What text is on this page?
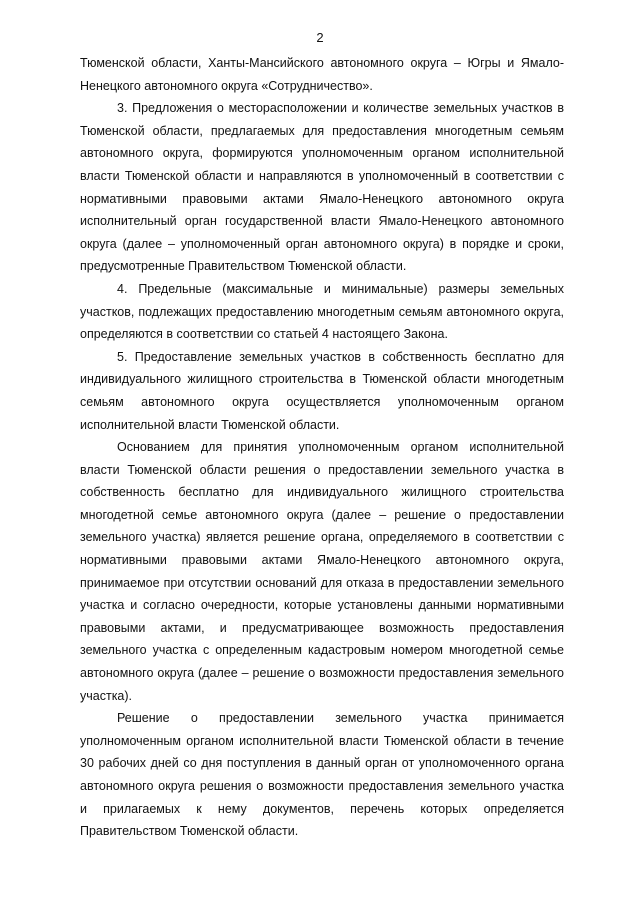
2

Тюменской области, Ханты-Мансийского автономного округа – Югры и Ямало-Ненецкого автономного округа «Сотрудничество».

3. Предложения о месторасположении и количестве земельных участков в Тюменской области, предлагаемых для предоставления многодетным семьям автономного округа, формируются уполномоченным органом исполнительной власти Тюменской области и направляются в уполномоченный в соответствии с нормативными правовыми актами Ямало-Ненецкого автономного округа исполнительный орган государственной власти Ямало-Ненецкого автономного округа (далее – уполномоченный орган автономного округа) в порядке и сроки, предусмотренные Правительством Тюменской области.

4. Предельные (максимальные и минимальные) размеры земельных участков, подлежащих предоставлению многодетным семьям автономного округа, определяются в соответствии со статьей 4 настоящего Закона.

5. Предоставление земельных участков в собственность бесплатно для индивидуального жилищного строительства в Тюменской области многодетным семьям автономного округа осуществляется уполномоченным органом исполнительной власти Тюменской области.

Основанием для принятия уполномоченным органом исполнительной власти Тюменской области решения о предоставлении земельного участка в собственность бесплатно для индивидуального жилищного строительства многодетной семье автономного округа (далее – решение о предоставлении земельного участка) является решение органа, определяемого в соответствии с нормативными правовыми актами Ямало-Ненецкого автономного округа, принимаемое при отсутствии оснований для отказа в предоставлении земельного участка и согласно очередности, которые установлены данными нормативными правовыми актами, и предусматривающее возможность предоставления земельного участка с определенным кадастровым номером многодетной семье автономного округа (далее – решение о возможности предоставления земельного участка).

Решение о предоставлении земельного участка принимается уполномоченным органом исполнительной власти Тюменской области в течение 30 рабочих дней со дня поступления в данный орган от уполномоченного органа автономного округа решения о возможности предоставления земельного участка и прилагаемых к нему документов, перечень которых определяется Правительством Тюменской области.
